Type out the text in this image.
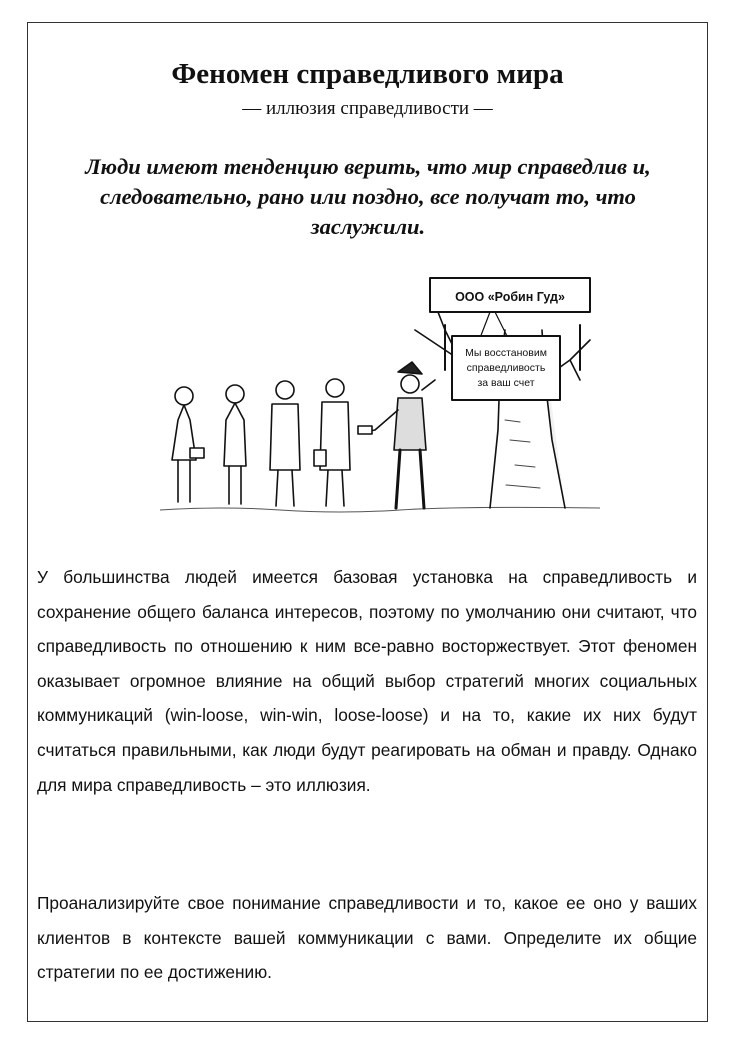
Феномен справедливого мира
— иллюзия справедливости —
Люди имеют тенденцию верить, что мир справедлив и, следовательно, рано или поздно, все получат то, что заслужили.
ООО «Робин Гуд»
Мы восстановим
справедливость
за ваш счет
У большинства людей имеется базовая установка на справедливость и сохранение общего баланса интересов, поэтому по умолчанию они считают, что справедливость по отношению к ним все-равно восторжествует. Этот феномен оказывает огромное влияние на общий выбор стратегий многих социальных коммуникаций (win-loose, win-win, loose-loose) и на то, какие их них будут считаться правильными, как люди будут реагировать на обман и правду. Однако для мира справедливость – это иллюзия.
Проанализируйте свое понимание справедливости и то, какое ее оно у ваших клиентов в контексте вашей коммуникации с вами. Определите их общие стратегии по ее достижению.
